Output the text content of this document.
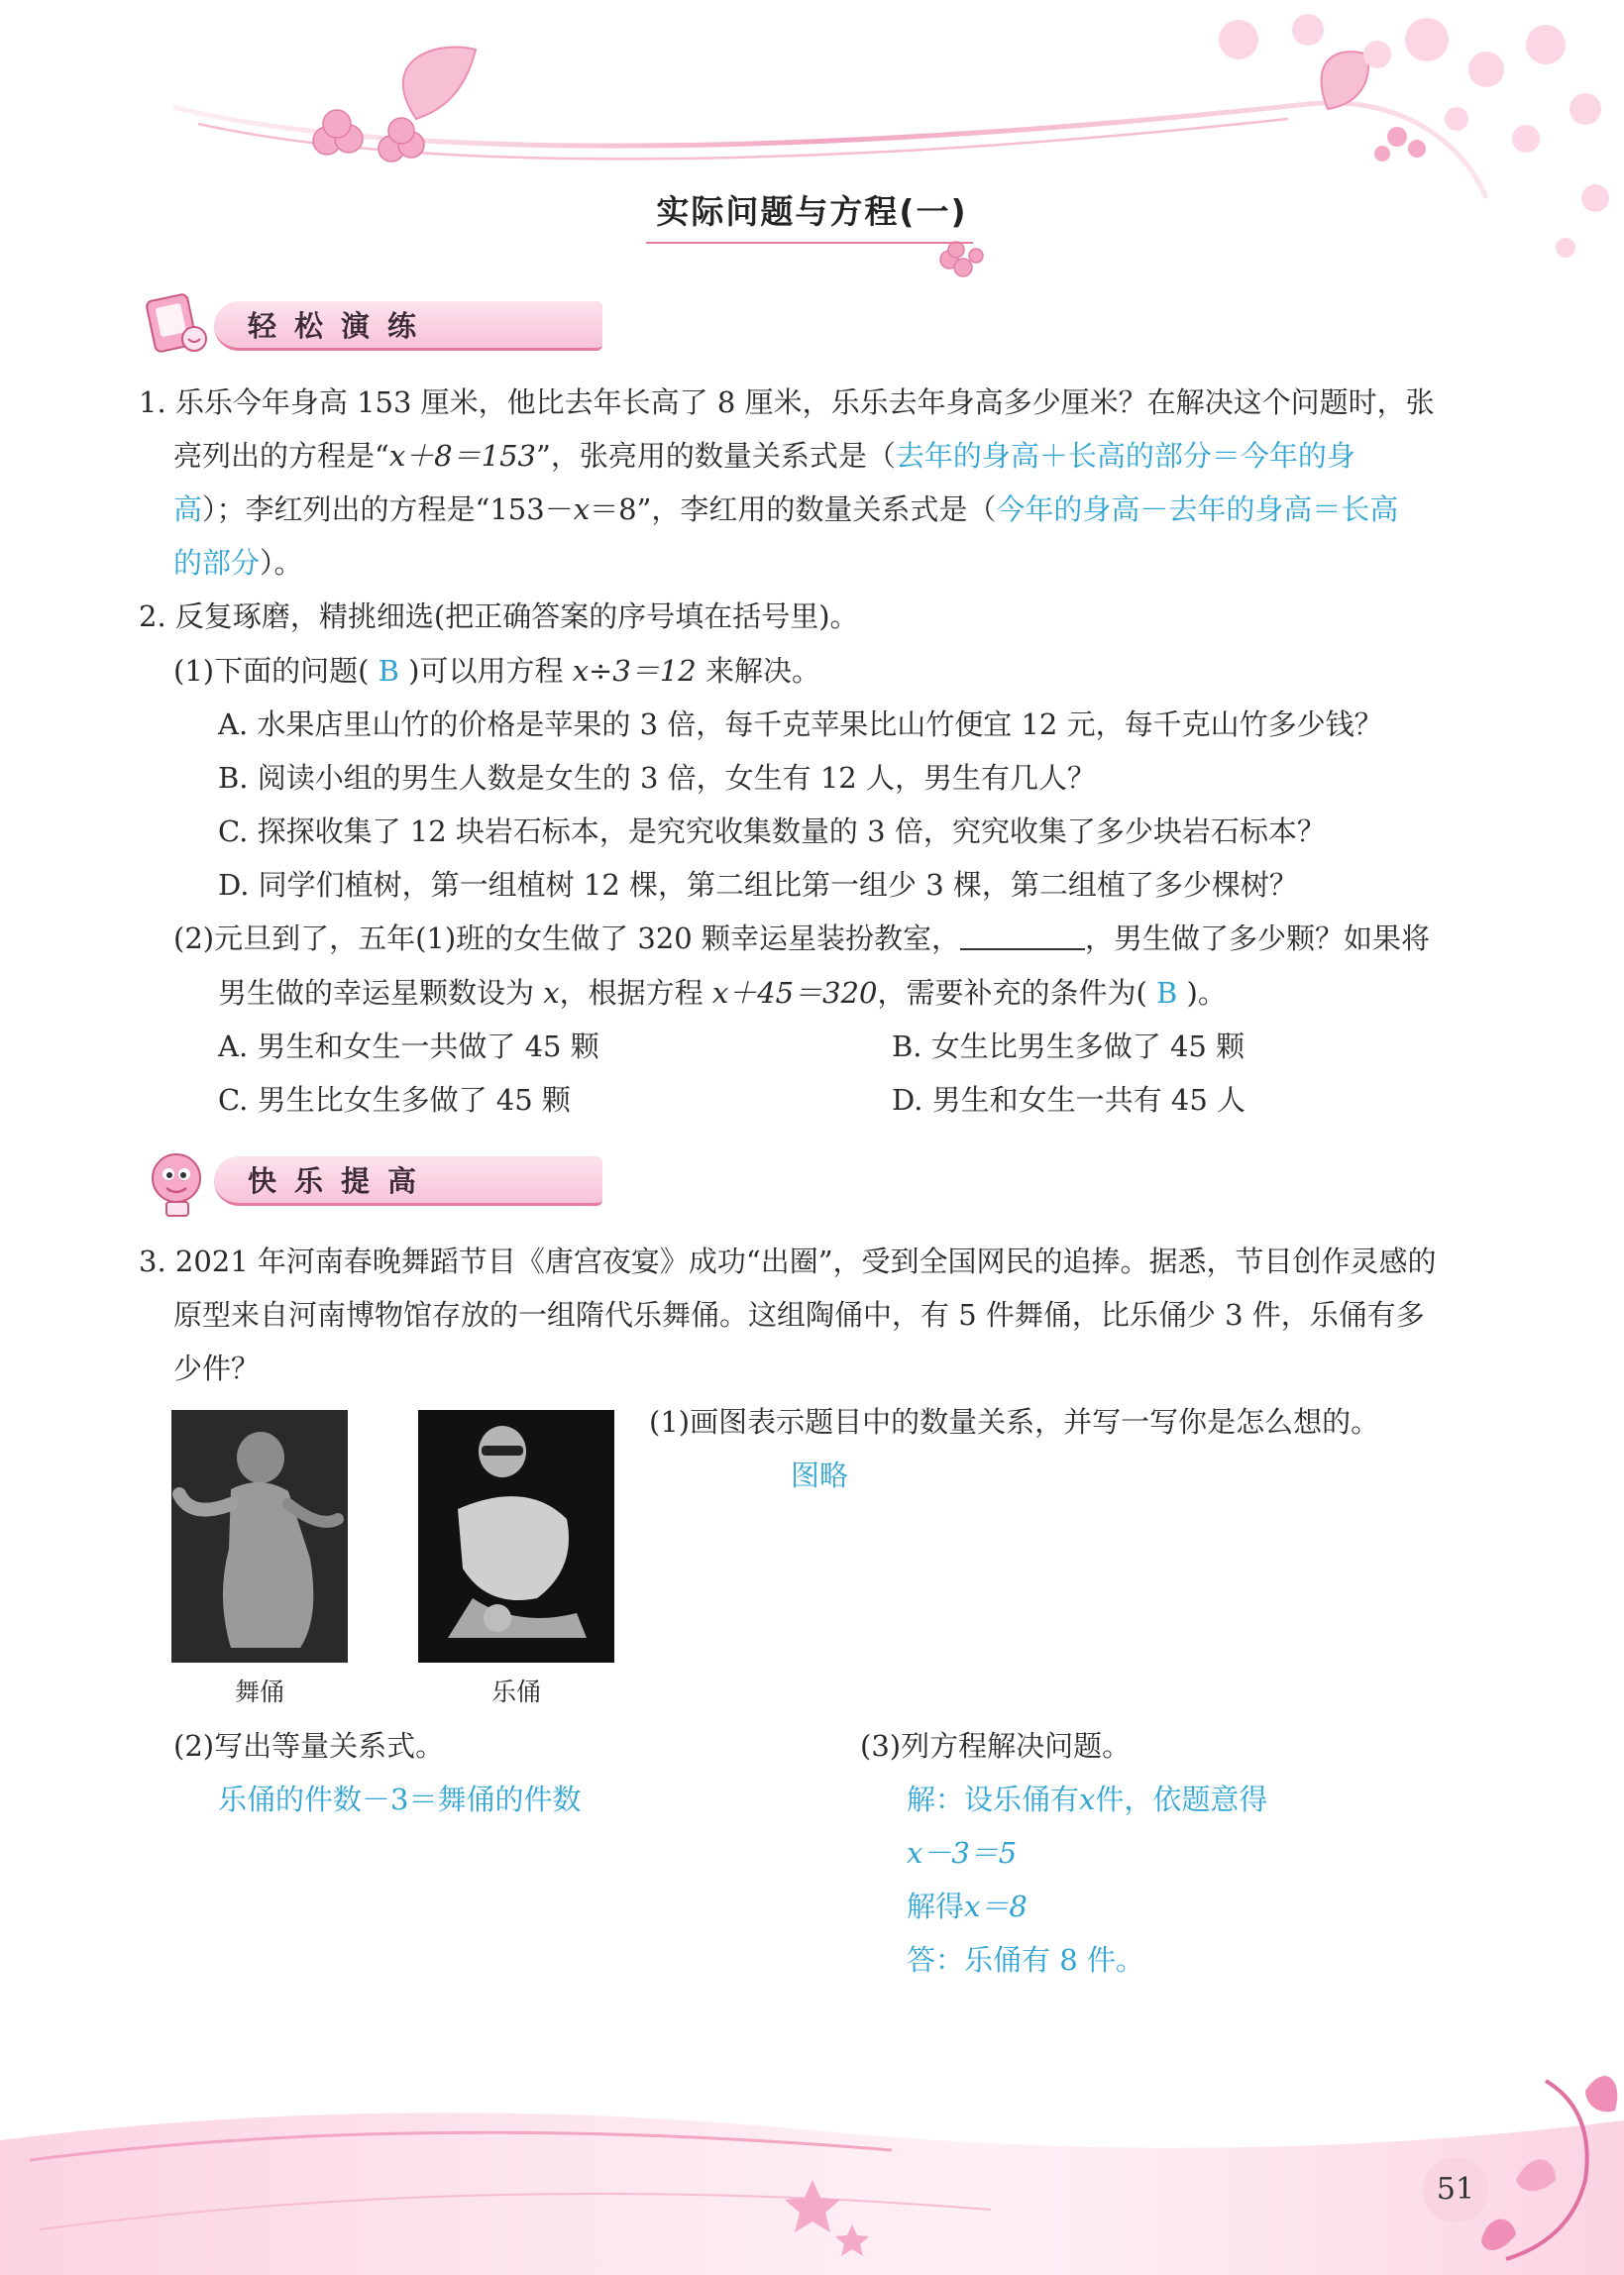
实际问题与方程(一)
轻松演练
1. 乐乐今年身高 153 厘米，他比去年长高了 8 厘米，乐乐去年身高多少厘米？在解决这个问题时，张
亮列出的方程是“x＋8＝153”，张亮用的数量关系式是（去年的身高＋长高的部分＝今年的身
高）；李红列出的方程是“153－x＝8”，李红用的数量关系式是（今年的身高－去年的身高＝长高
的部分）。
2. 反复琢磨，精挑细选(把正确答案的序号填在括号里)。
(1)下面的问题( B )可以用方程 x÷3＝12 来解决。
A. 水果店里山竹的价格是苹果的 3 倍，每千克苹果比山竹便宜 12 元，每千克山竹多少钱？
B. 阅读小组的男生人数是女生的 3 倍，女生有 12 人，男生有几人？
C. 探探收集了 12 块岩石标本，是究究收集数量的 3 倍，究究收集了多少块岩石标本？
D. 同学们植树，第一组植树 12 棵，第二组比第一组少 3 棵，第二组植了多少棵树？
(2)元旦到了，五年(1)班的女生做了 320 颗幸运星装扮教室，	，男生做了多少颗？如果将
男生做的幸运星颗数设为 x，根据方程 x＋45＝320，需要补充的条件为( B )。
A. 男生和女生一共做了 45 颗	B. 女生比男生多做了 45 颗
C. 男生比女生多做了 45 颗	D. 男生和女生一共有 45 人
快乐提高
3. 2021 年河南春晚舞蹈节目《唐宫夜宴》成功“出圈”，受到全国网民的追捧。据悉，节目创作灵感的
原型来自河南博物馆存放的一组隋代乐舞俑。这组陶俑中，有 5 件舞俑，比乐俑少 3 件，乐俑有多
少件？
舞俑	乐俑
(1)画图表示题目中的数量关系，并写一写你是怎么想的。
图略
(2)写出等量关系式。
乐俑的件数－3＝舞俑的件数
(3)列方程解决问题。
解：设乐俑有x件，依题意得
x－3＝5
解得x＝8
答：乐俑有 8 件。
51
